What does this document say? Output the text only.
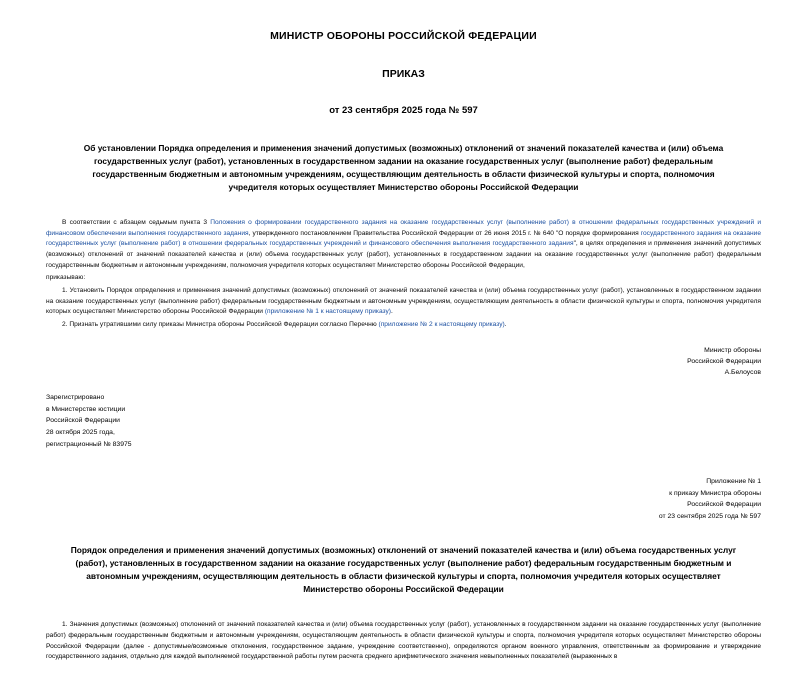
МИНИСТР ОБОРОНЫ РОССИЙСКОЙ ФЕДЕРАЦИИ
ПРИКАЗ
от 23 сентября 2025 года № 597
Об установлении Порядка определения и применения значений допустимых (возможных) отклонений от значений показателей качества и (или) объема государственных услуг (работ), установленных в государственном задании на оказание государственных услуг (выполнение работ) федеральным государственным бюджетным и автономным учреждениям, осуществляющим деятельность в области физической культуры и спорта, полномочия учредителя которых осуществляет Министерство обороны Российской Федерации

В соответствии с абзацем седьмым пункта 3 Положения о формировании государственного задания на оказание государственных услуг (выполнение работ) в отношении федеральных государственных учреждений и финансовом обеспечении выполнения государственного задания, утвержденного постановлением Правительства Российской Федерации от 26 июня 2015 г. № 640 "О порядке формирования государственного задания на оказание государственных услуг (выполнение работ) в отношении федеральных государственных учреждений и финансового обеспечения выполнения государственного задания", в целях определения и применения значений допустимых (возможных) отклонений от значений показателей качества и (или) объема государственных услуг (работ), установленных в государственном задании на оказание государственных услуг (выполнение работ) федеральным государственным бюджетным и автономным учреждениям, полномочия учредителя которых осуществляет Министерство обороны Российской Федерации,

приказываю:

1. Установить Порядок определения и применения значений допустимых (возможных) отклонений от значений показателей качества и (или) объема государственных услуг (работ), установленных в государственном задании на оказание государственных услуг (выполнение работ) федеральным государственным бюджетным и автономным учреждениям, осуществляющим деятельность в области физической культуры и спорта, полномочия учредителя которых осуществляет Министерство обороны Российской Федерации (приложение № 1 к настоящему приказу).

2. Признать утратившими силу приказы Министра обороны Российской Федерации согласно Перечню (приложение № 2 к настоящему приказу).

Министр обороны
Российской Федерации
А.Белоусов
Зарегистрировано
в Министерстве юстиции
Российской Федерации
28 октября 2025 года,
регистрационный № 83975
Приложение № 1
к приказу Министра обороны
Российской Федерации
от 23 сентября 2025 года № 597
Порядок определения и применения значений допустимых (возможных) отклонений от значений показателей качества и (или) объема государственных услуг (работ), установленных в государственном задании на оказание государственных услуг (выполнение работ) федеральным государственным бюджетным и автономным учреждениям, осуществляющим деятельность в области физической культуры и спорта, полномочия учредителя которых осуществляет Министерство обороны Российской Федерации

1. Значения допустимых (возможных) отклонений от значений показателей качества и (или) объема государственных услуг (работ), установленных в государственном задании на оказание государственных услуг (выполнение работ) федеральным государственным бюджетным и автономным учреждениям, осуществляющим деятельность в области физической культуры и спорта, полномочия учредителя которых осуществляет Министерство обороны Российской Федерации (далее - допустимые/возможные отклонения, государственное задание, учреждение соответственно), определяются органом военного управления, ответственным за формирование и утверждение государственного задания, отдельно для каждой выполняемой государственной работы путем расчета среднего арифметического значения невыполненных показателей (выраженных в
